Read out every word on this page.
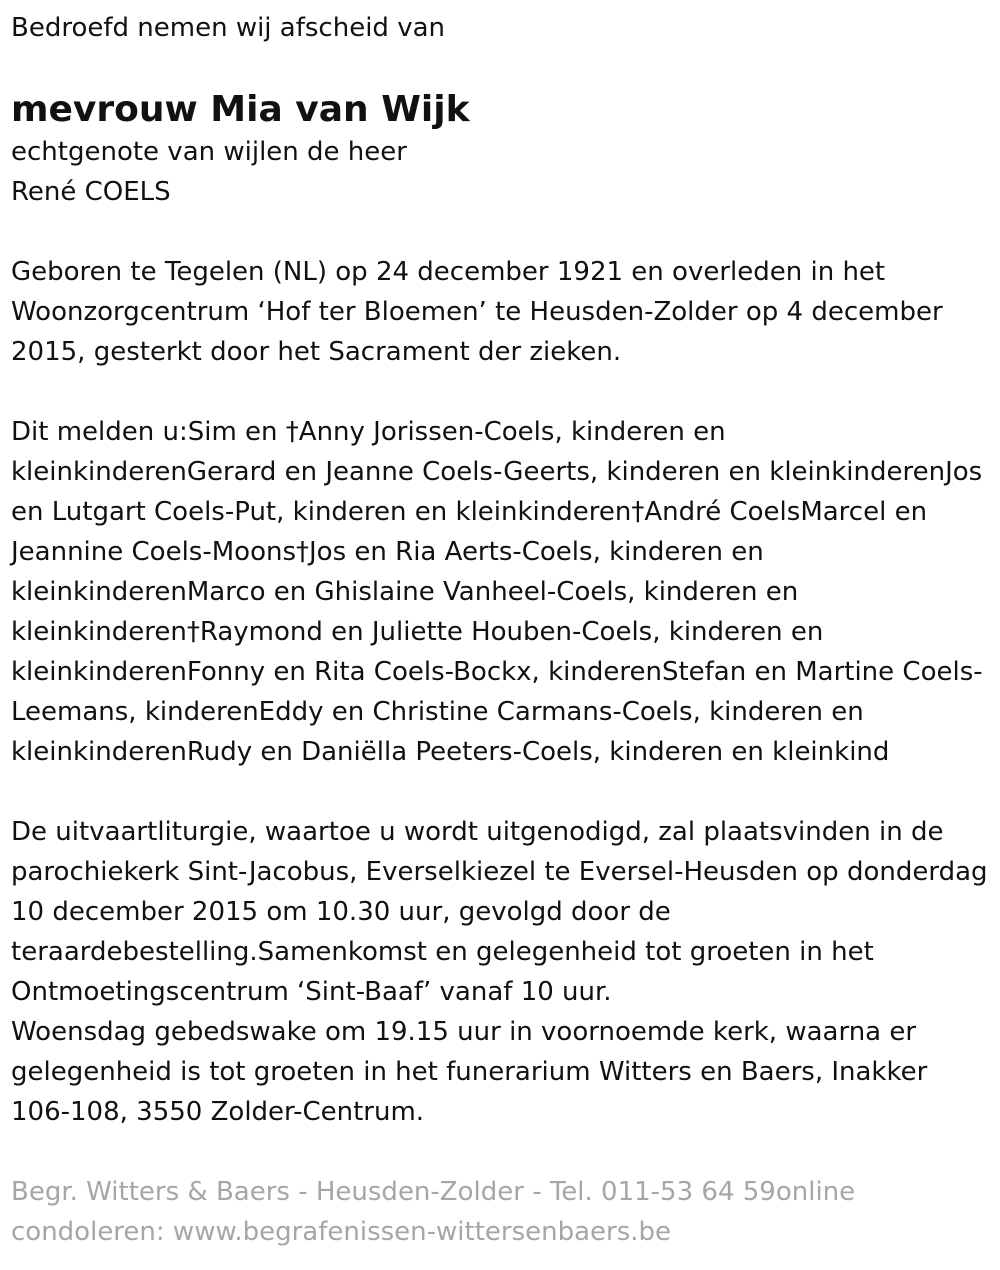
Bedroefd nemen wij afscheid van

mevrouw Mia van Wijk

echtgenote van wijlen de heer

René COELS

Geboren te Tegelen (NL) op 24 december 1921 en overleden in het Woonzorgcentrum ‘Hof ter Bloemen’ te Heusden-Zolder op 4 december 2015, gesterkt door het Sacrament der zieken.

Dit melden u:Sim en †Anny Jorissen-Coels, kinderen en kleinkinderenGerard en Jeanne Coels-Geerts, kinderen en kleinkinderenJos en Lutgart Coels-Put, kinderen en kleinkinderen†André CoelsMarcel en Jeannine Coels-Moons†Jos en Ria Aerts-Coels, kinderen en kleinkinderenMarco en Ghislaine Vanheel-Coels, kinderen en kleinkinderen†Raymond en Juliette Houben-Coels, kinderen en kleinkinderenFonny en Rita Coels-Bockx, kinderenStefan en Martine Coels-Leemans, kinderenEddy en Christine Carmans-Coels, kinderen en kleinkinderenRudy en Daniëlla Peeters-Coels, kinderen en kleinkind

De uitvaartliturgie, waartoe u wordt uitgenodigd, zal plaatsvinden in de parochiekerk Sint-Jacobus, Everselkiezel te Eversel-Heusden op donderdag 10 december 2015 om 10.30 uur, gevolgd door de teraardebestelling.Samenkomst en gelegenheid tot groeten in het Ontmoetingscentrum ‘Sint-Baaf’ vanaf 10 uur.

Woensdag gebedswake om 19.15 uur in voornoemde kerk, waarna er gelegenheid is tot groeten in het funerarium Witters en Baers, Inakker 106-108, 3550 Zolder-Centrum.

Begr. Witters & Baers - Heusden-Zolder - Tel. 011-53 64 59online condoleren: www.begrafenissen-wittersenbaers.be
